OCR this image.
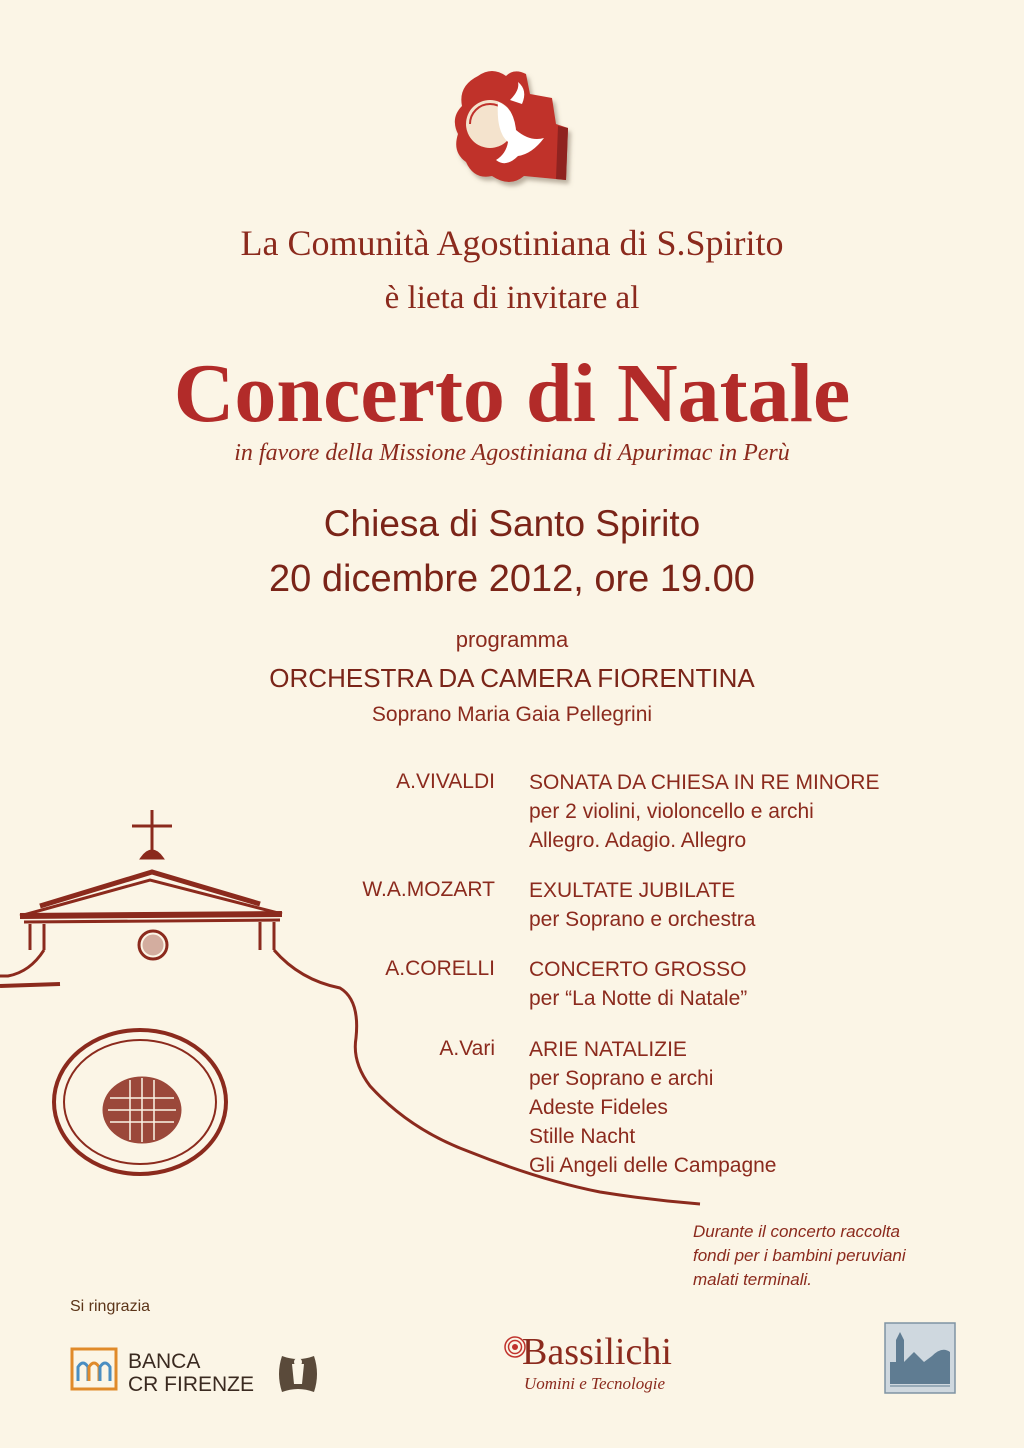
La Comunità Agostiniana di S.Spirito
è lieta di invitare al
Concerto di Natale
in favore della Missione Agostiniana di Apurimac in Perù
Chiesa di Santo Spirito
20 dicembre 2012, ore 19.00
programma
ORCHESTRA DA CAMERA FIORENTINA
Soprano Maria Gaia Pellegrini
A.VIVALDI SONATA DA CHIESA IN RE MINORE
per 2 violini, violoncello e archi
Allegro. Adagio. Allegro
W.A.MOZART EXULTATE JUBILATE
per Soprano e orchestra
A.CORELLI CONCERTO GROSSO
per “La Notte di Natale”
A.Vari ARIE NATALIZIE
per Soprano e archi
Adeste Fideles
Stille Nacht
Gli Angeli delle Campagne
Durante il concerto raccolta
fondi per i bambini peruviani
malati terminali.
Si ringrazia
BANCA
CR FIRENZE
Bassilichi
Uomini e Tecnologie
